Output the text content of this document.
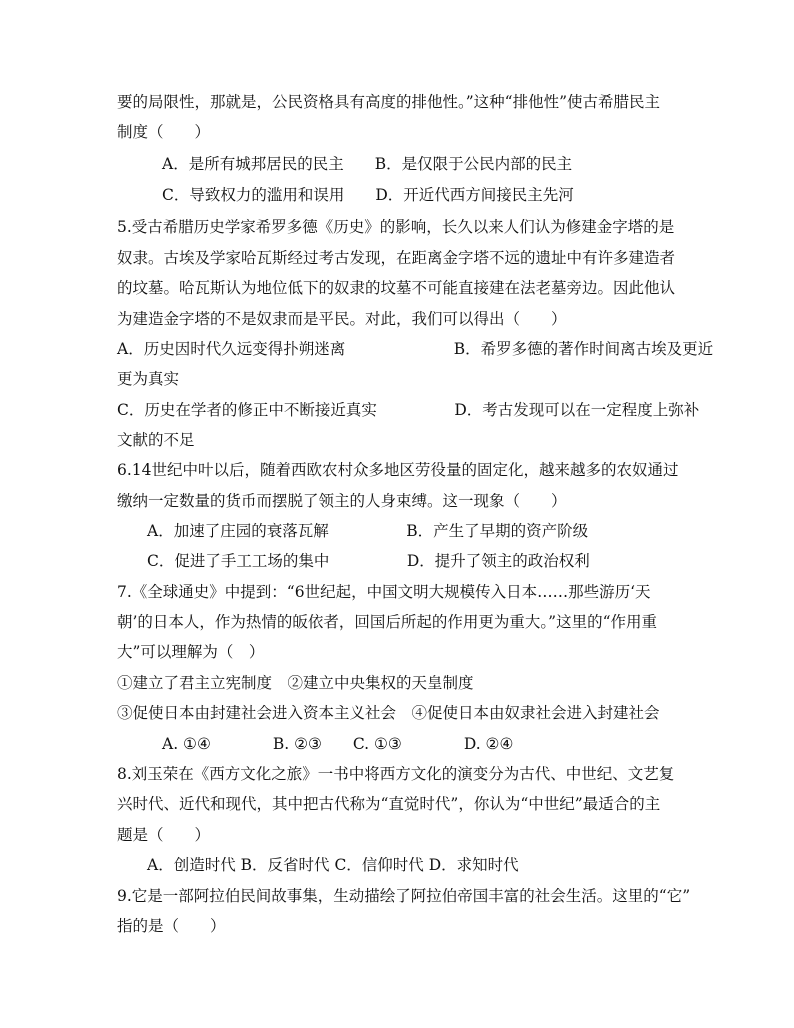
要的局限性，那就是，公民资格具有高度的排他性。”这种“排他性”使古希腊民主
制度（　　）
A．是所有城邦居民的民主　　B．是仅限于公民内部的民主
C．导致权力的滥用和误用　　D．开近代西方间接民主先河
5.受古希腊历史学家希罗多德《历史》的影响，长久以来人们认为修建金字塔的是
奴隶。古埃及学家哈瓦斯经过考古发现，在距离金字塔不远的遗址中有许多建造者
的坟墓。哈瓦斯认为地位低下的奴隶的坟墓不可能直接建在法老墓旁边。因此他认
为建造金字塔的不是奴隶而是平民。对此，我们可以得出（　　）
A．历史因时代久远变得扑朔迷离　　　　　　　B．希罗多德的著作时间离古埃及更近
更为真实
C．历史在学者的修正中不断接近真实　　　　　D．考古发现可以在一定程度上弥补
文献的不足
6.14世纪中叶以后，随着西欧农村众多地区劳役量的固定化，越来越多的农奴通过
缴纳一定数量的货币而摆脱了领主的人身束缚。这一现象（　　）
A．加速了庄园的衰落瓦解　　　　　B．产生了早期的资产阶级
C．促进了手工工场的集中　　　　　D．提升了领主的政治权利
7.《全球通史》中提到：“6世纪起，中国文明大规模传入日本……那些游历‘天
朝’的日本人，作为热情的皈依者，回国后所起的作用更为重大。”这里的“作用重
大”可以理解为（　）
①建立了君主立宪制度　②建立中央集权的天皇制度
③促使日本由封建社会进入资本主义社会　④促使日本由奴隶社会进入封建社会
A. ①④　　　　B. ②③　　C. ①③　　　　D. ②④
8.刘玉荣在《西方文化之旅》一书中将西方文化的演变分为古代、中世纪、文艺复
兴时代、近代和现代，其中把古代称为“直觉时代”，你认为“中世纪”最适合的主
题是（　　）
A．创造时代 B．反省时代 C．信仰时代 D．求知时代
9.它是一部阿拉伯民间故事集，生动描绘了阿拉伯帝国丰富的社会生活。这里的“它”
指的是（　　）
